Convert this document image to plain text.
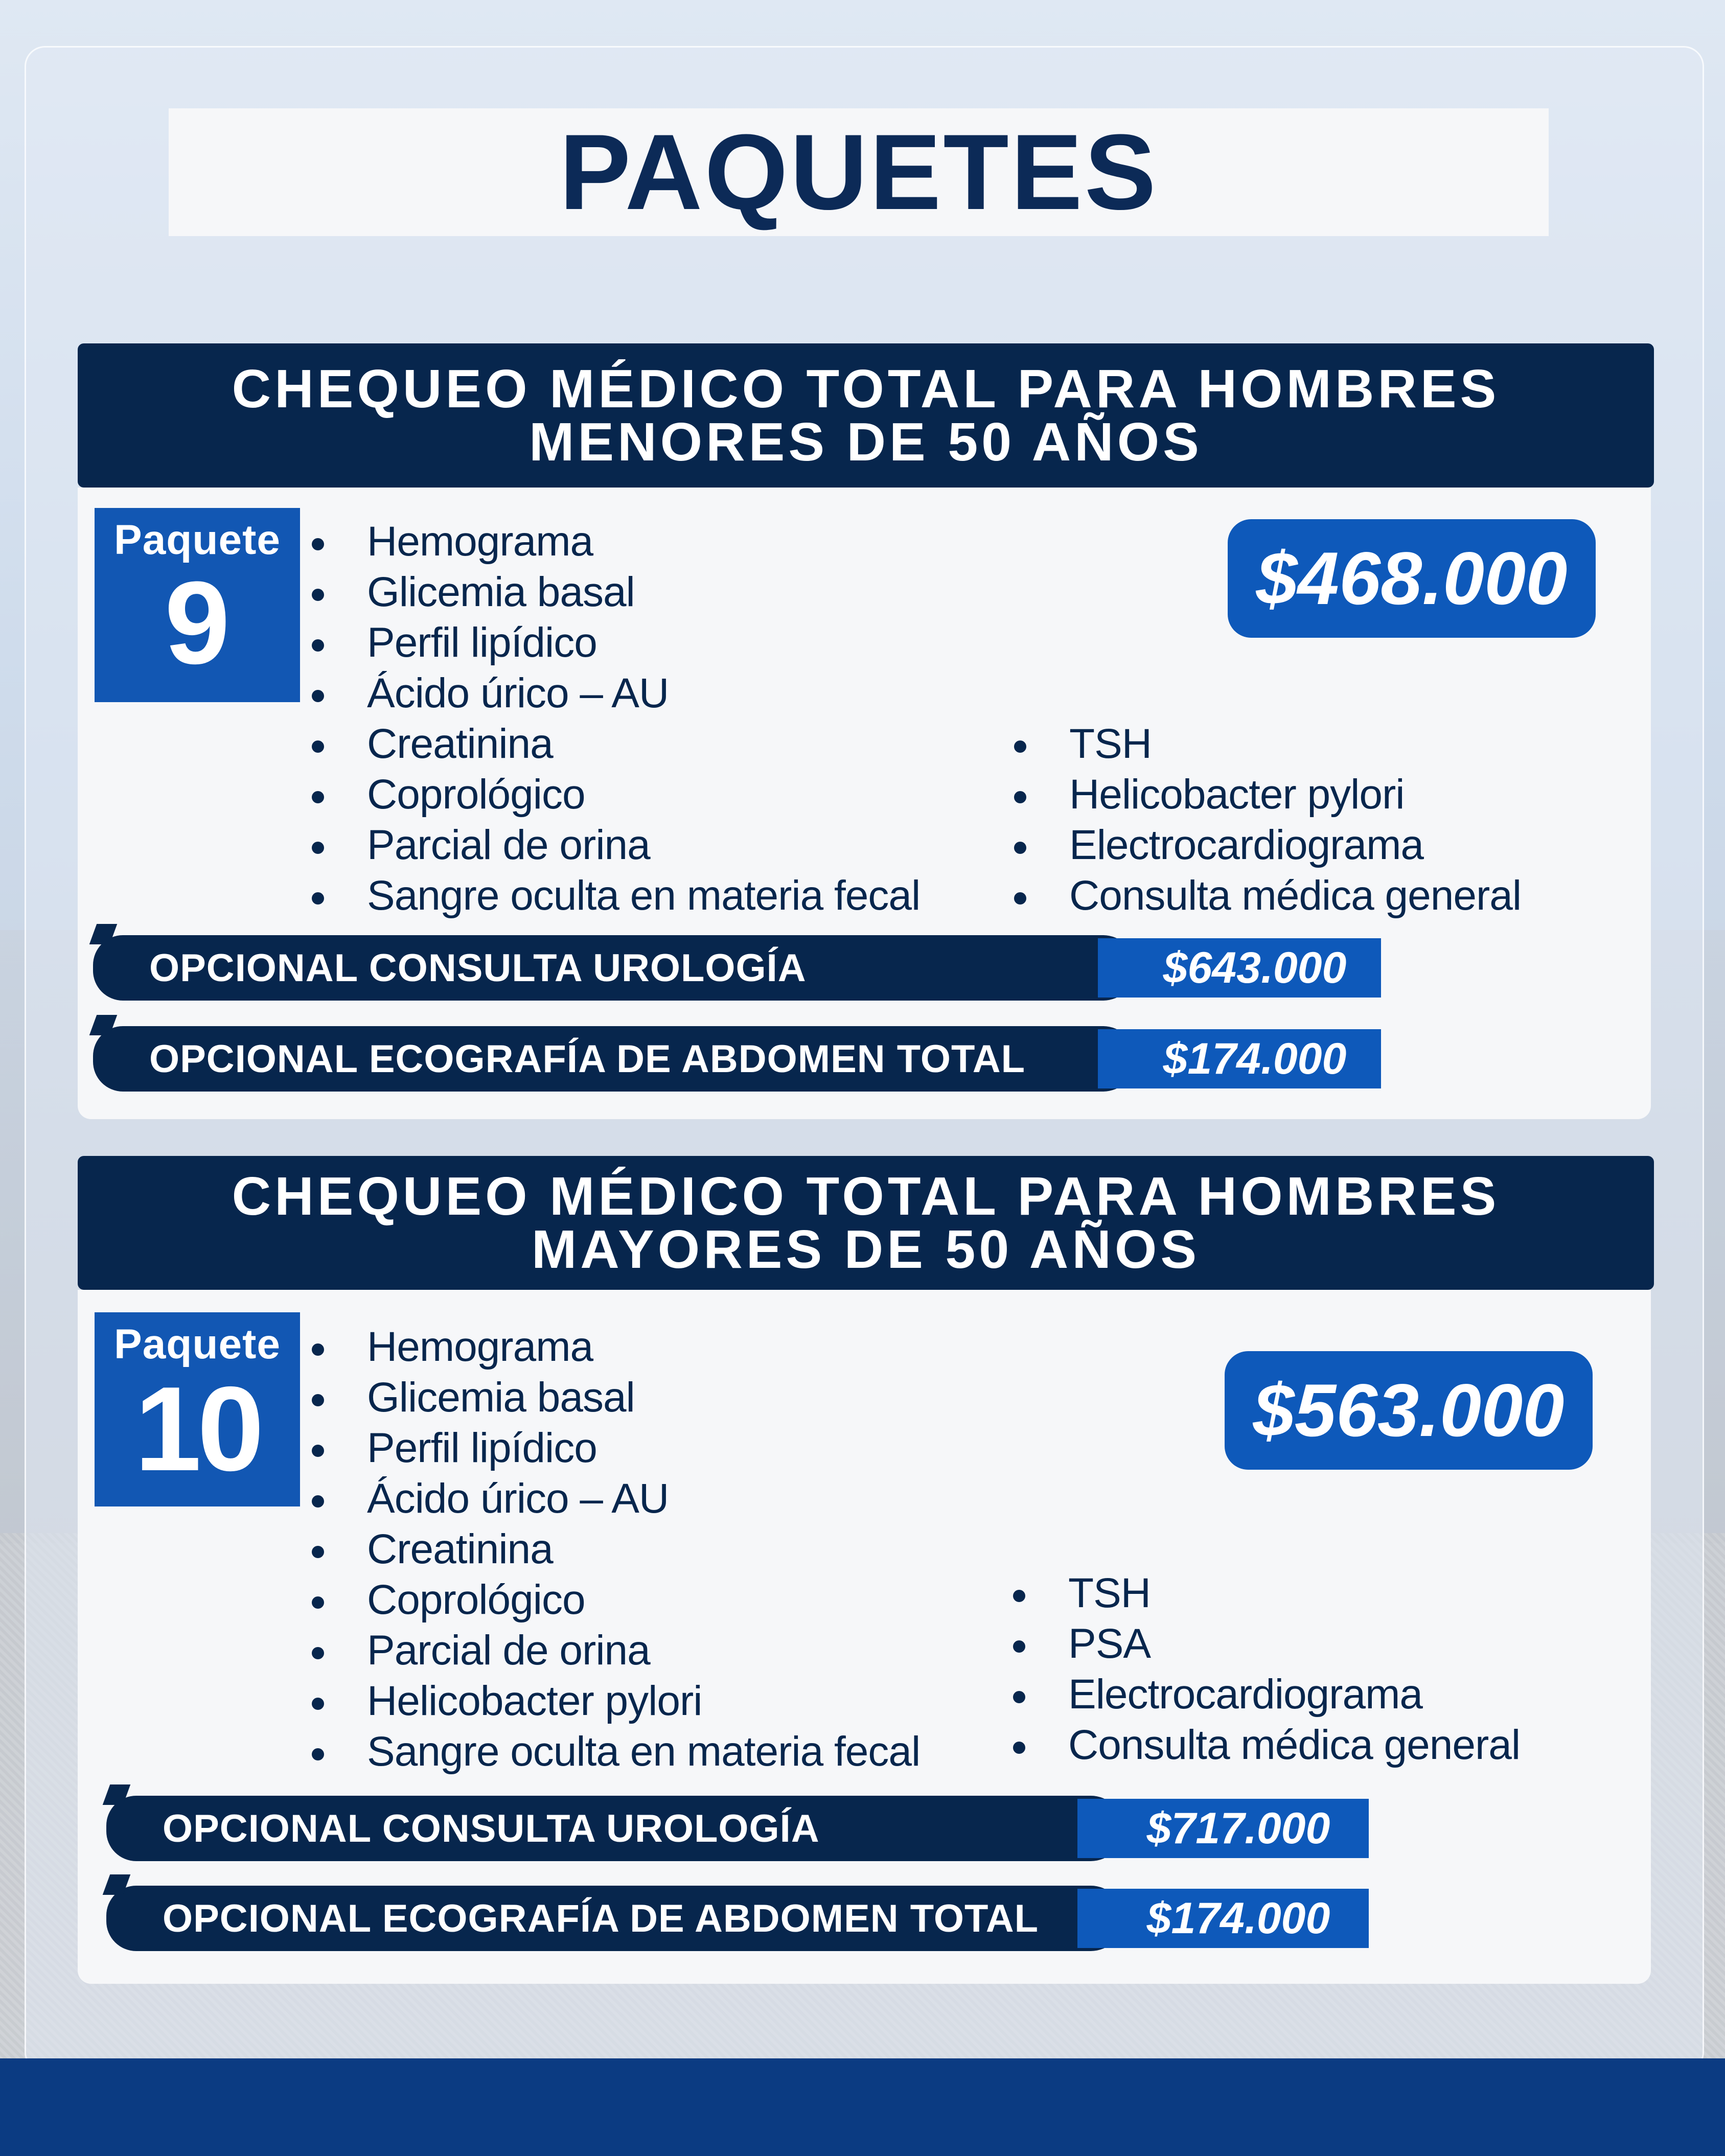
PAQUETES
CHEQUEO MÉDICO TOTAL PARA HOMBRES
MENORES DE 50 AÑOS
Paquete
9	$468.000
Hemograma
Glicemia basal
Perfil lipídico
Ácido úrico – AU
Creatinina
Coprológico
Parcial de orina
Sangre oculta en materia fecal
TSH
Helicobacter pylori
Electrocardiograma
Consulta médica general
OPCIONAL CONSULTA UROLOGÍA	$643.000
OPCIONAL ECOGRAFÍA DE ABDOMEN TOTAL	$174.000
CHEQUEO MÉDICO TOTAL PARA HOMBRES
MAYORES DE 50 AÑOS
Paquete
10	$563.000
Hemograma
Glicemia basal
Perfil lipídico
Ácido úrico – AU
Creatinina
Coprológico
Parcial de orina
Helicobacter pylori
Sangre oculta en materia fecal
TSH
PSA
Electrocardiograma
Consulta médica general
OPCIONAL CONSULTA UROLOGÍA	$717.000
OPCIONAL ECOGRAFÍA DE ABDOMEN TOTAL	$174.000
